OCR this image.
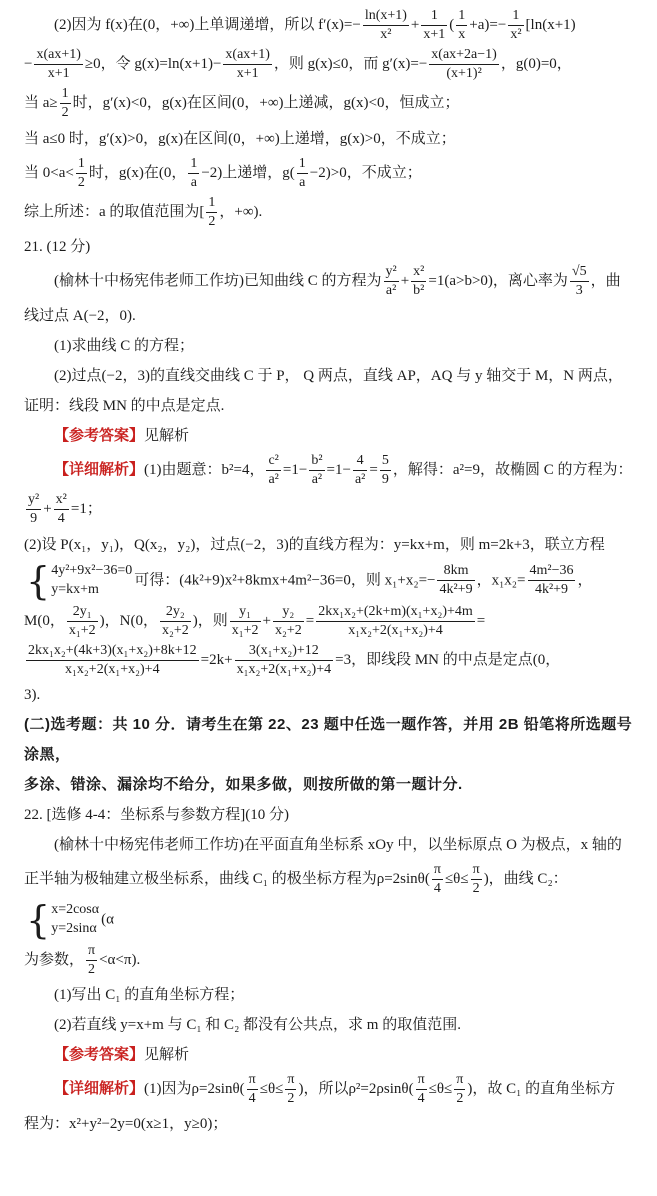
(2)因为 f(x)在(0，+∞)上单调递增，所以 $f'(x)=- \frac{\ln(x+1)}{\text{x²}} + \frac{1}{x+1}$ ( $\frac{1}{x} +a)=- \frac{1}{\text{x²}} [\ln(x+1)$

− $\frac{x(ax+1)}{x+1} \ge 0$，令 $g(x)=\ln(x+1)- \frac{x(ax+1)}{x+1}$ ，则 g(x)≤0，而 $g'(x)=- \frac{x(ax+2a-1)}{\text{(x+1)²}}$ ，g(0)=0，

当 $a\ge \frac{1}{2}$ 时，g′(x)<0，g(x)在区间(0，+∞)上递减，g(x)<0，恒成立；

当 a≤0 时，g′(x)>0，g(x)在区间(0，+∞)上递增，g(x)>0，不成立；

当 $0<a< \frac{1}{2}$ 时，g(x)在(0， $\frac{1}{a} -2$)上递增，$g( \frac{1}{a} -2)>0$，不成立；

综上所述：a 的取值范围为[ $\frac{1}{2}$ ，+∞).

21. (12 分)

(榆林十中杨宪伟老师工作坊)已知曲线 C 的方程为 $\frac{\text{y²}}{\text{a²}} + \frac{\text{x²}}{\text{b²}} =1(a>b>0)$，离心率为 $\frac{√5}{3}$ ，曲

线过点 A(−2，0).

(1)求曲线 C 的方程；

(2)过点(−2，3)的直线交曲线 C 于 P， Q 两点，直线 AP，AQ 与 y 轴交于 M，N 两点，

证明：线段 MN 的中点是定点.

【参考答案】见解析

【详细解析】(1)由题意：b²=4， $\frac{\text{c²}}{\text{a²}} =1- \frac{\text{b²}}{\text{a²}} =1- \frac{4}{\text{a²}} = \frac{5}{9}$ ，解得：a²=9，故椭圆 C 的方程为：

$\frac{\text{y²}}{9} + \frac{\text{x²}}{4} =1$；

(2)设 P(x₁，y₁)，Q(x₂，y₂)，过点(−2，3)的直线方程为：y=kx+m，则 m=2k+3，联立方程

{ 4y²+9x²−36=0
y=kx+m
可得：(4k²+9)x²+8kmx+4m²−36=0，则 $x_1+x_2=- \frac{8km}{\text{4k²+9}}$ ，$x_1x_2= \frac{\text{4m²−36}}{\text{4k²+9}}$ ，

M(0， $\frac{\text{2y₁}}{\text{x₁+2}}$ )，N(0， $\frac{\text{2y₂}}{\text{x₂+2}}$ )，则 $\frac{\text{y₁}}{\text{x₁+2}} + \frac{\text{y₂}}{\text{x₂+2}} = \frac{\text{2kx₁x₂+(2k+m)(x₁+x₂)+4m}}{\text{x₁x₂+2(x₁+x₂)+4}}$ =

$\frac{\text{2kx₁x₂+(4k+3)(x₁+x₂)+8k+12}}{\text{x₁x₂+2(x₁+x₂)+4}} =2k+ \frac{\text{3(x₁+x₂)+12}}{\text{x₁x₂+2(x₁+x₂)+4}} =3$，即线段 MN 的中点是定点(0，

3).

(二)选考题：共 10 分．请考生在第 22、23 题中任选一题作答，并用 2B 铅笔将所选题号涂黑，

多涂、错涂、漏涂均不给分，如果多做，则按所做的第一题计分.

22. [选修 4-4：坐标系与参数方程](10 分)

(榆林十中杨宪伟老师工作坊)在平面直角坐标系 xOy 中，以坐标原点 O 为极点，x 轴的

正半轴为极轴建立极坐标系，曲线 C₁ 的极坐标方程为$\rho=2\sin\theta( \frac{\pi}{4} \le\theta\le \frac{\pi}{2}$ )，曲线 C₂：
{ x=2cosα
y=2sinα
(α

为参数， $\frac{\pi}{2} <\alpha<\pi$).

(1)写出 C₁ 的直角坐标方程；

(2)若直线 y=x+m 与 C₁ 和 C₂ 都没有公共点，求 m 的取值范围.

【参考答案】见解析

【详细解析】(1)因为$\rho=2\sin\theta( \frac{\pi}{4} \le\theta\le \frac{\pi}{2}$ )，所以$\rho^2=2\rho\sin\theta( \frac{\pi}{4} \le\theta\le \frac{\pi}{2}$ )，故 C₁ 的直角坐标方

程为：x²+y²−2y=0(x≥1，y≥0)；
